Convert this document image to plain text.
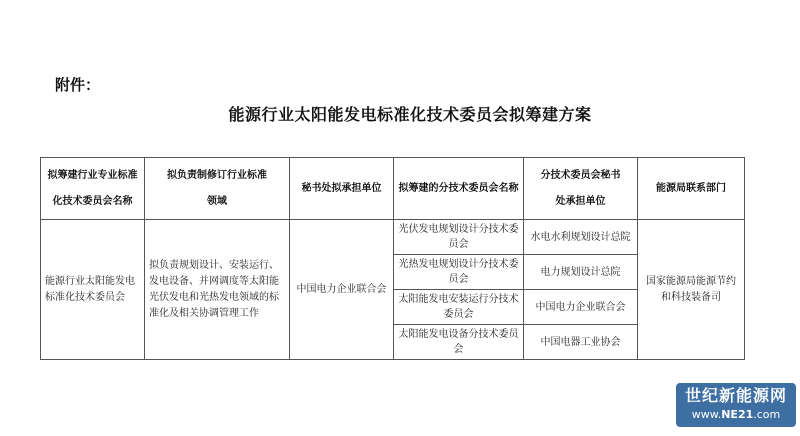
附件：
能源行业太阳能发电标准化技术委员会拟筹建方案
拟筹建行业专业标准化技术委员会名称	拟负责制修订行业标准领域	秘书处拟承担单位	拟筹建的分技术委员会名称	分技术委员会秘书处承担单位	能源局联系部门
能源行业太阳能发电标准化技术委员会	拟负责规划设计、安装运行、发电设备、并网调度等太阳能光伏发电和光热发电领域的标准化及相关协调管理工作	中国电力企业联合会	光伏发电规划设计分技术委员会	水电水利规划设计总院	国家能源局能源节约和科技装备司
			光热发电规划设计分技术委员会	电力规划设计总院	
			太阳能发电安装运行分技术委员会	中国电力企业联合会	
			太阳能发电设备分技术委员会	中国电器工业协会	
世纪新能源网
www.NE21.com
